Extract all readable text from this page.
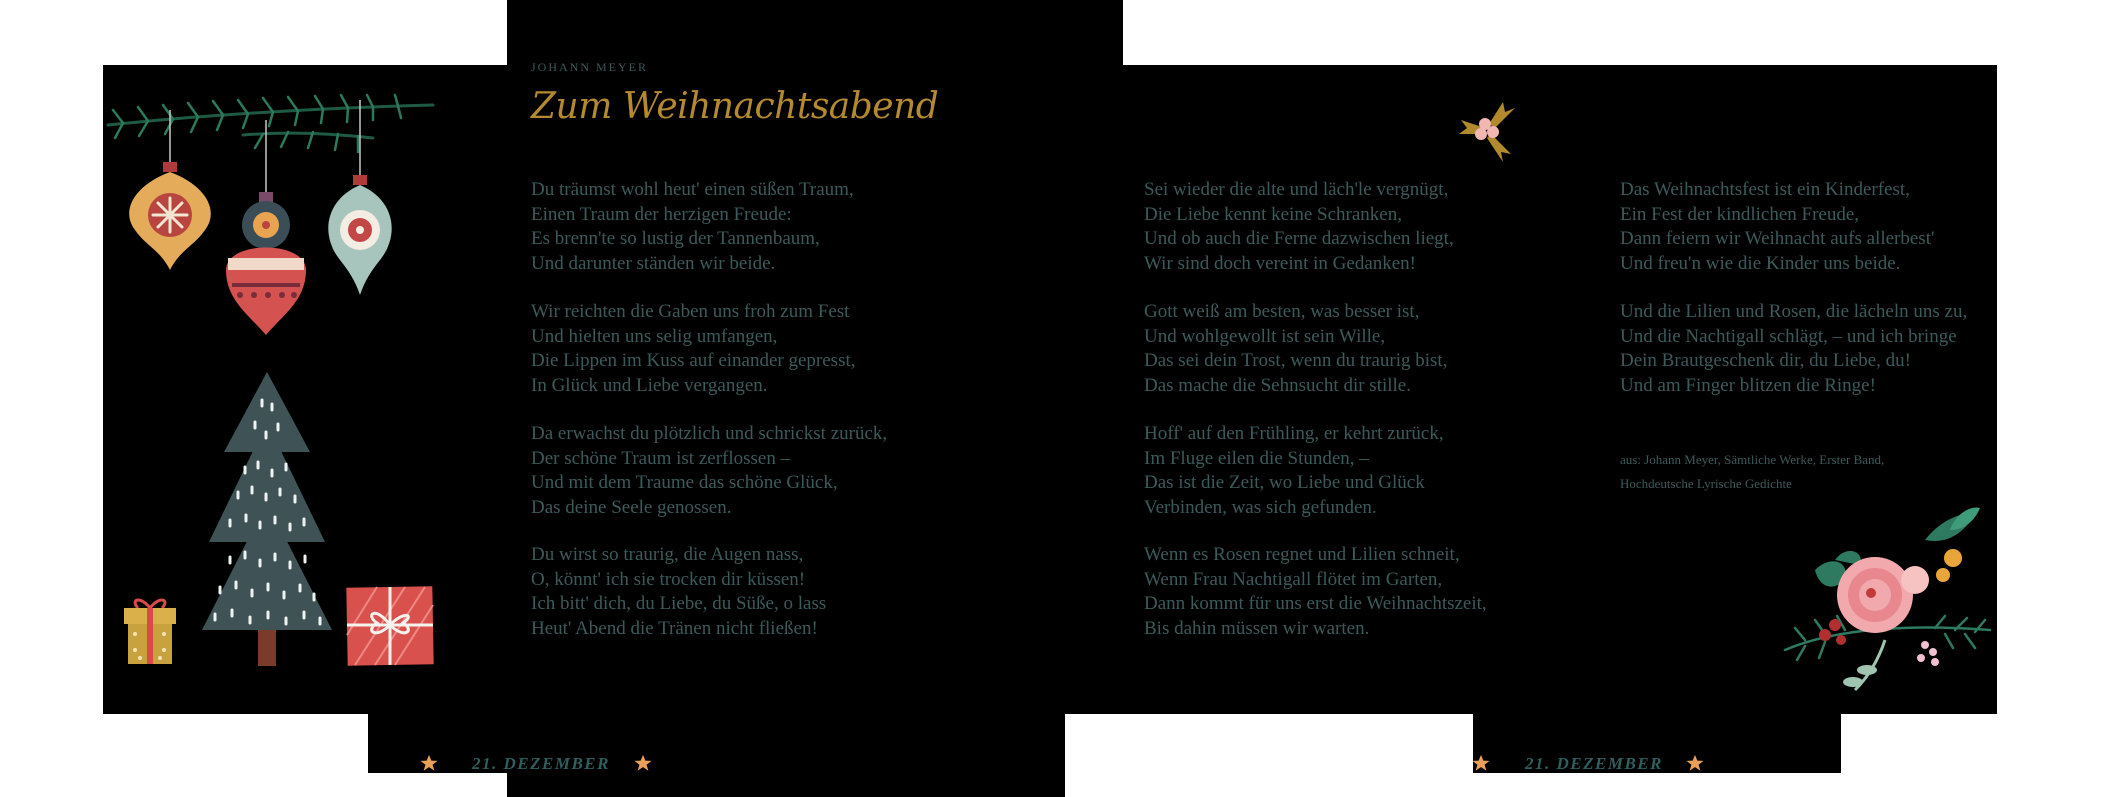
JOHANN MEYER
Zum Weihnachtsabend
Du träumst wohl heut' einen süßen Traum,
Einen Traum der herzigen Freude:
Es brenn'te so lustig der Tannenbaum,
Und darunter ständen wir beide.
Wir reichten die Gaben uns froh zum Fest
Und hielten uns selig umfangen,
Die Lippen im Kuss auf einander gepresst,
In Glück und Liebe vergangen.
Da erwachst du plötzlich und schrickst zurück,
Der schöne Traum ist zerflossen –
Und mit dem Traume das schöne Glück,
Das deine Seele genossen.
Du wirst so traurig, die Augen nass,
O, könnt' ich sie trocken dir küssen!
Ich bitt' dich, du Liebe, du Süße, o lass
Heut' Abend die Tränen nicht fließen!
Sei wieder die alte und läch'le vergnügt,
Die Liebe kennt keine Schranken,
Und ob auch die Ferne dazwischen liegt,
Wir sind doch vereint in Gedanken!
Gott weiß am besten, was besser ist,
Und wohlgewollt ist sein Wille,
Das sei dein Trost, wenn du traurig bist,
Das mache die Sehnsucht dir stille.
Hoff' auf den Frühling, er kehrt zurück,
Im Fluge eilen die Stunden, –
Das ist die Zeit, wo Liebe und Glück
Verbinden, was sich gefunden.
Wenn es Rosen regnet und Lilien schneit,
Wenn Frau Nachtigall flötet im Garten,
Dann kommt für uns erst die Weihnachtszeit,
Bis dahin müssen wir warten.
Das Weihnachtsfest ist ein Kinderfest,
Ein Fest der kindlichen Freude,
Dann feiern wir Weihnacht aufs allerbest'
Und freu'n wie die Kinder uns beide.
Und die Lilien und Rosen, die lächeln uns zu,
Und die Nachtigall schlägt, – und ich bringe
Dein Brautgeschenk dir, du Liebe, du!
Und am Finger blitzen die Ringe!
aus: Johann Meyer, Sämtliche Werke, Erster Band,
Hochdeutsche Lyrische Gedichte
21. DEZEMBER	21. DEZEMBER
